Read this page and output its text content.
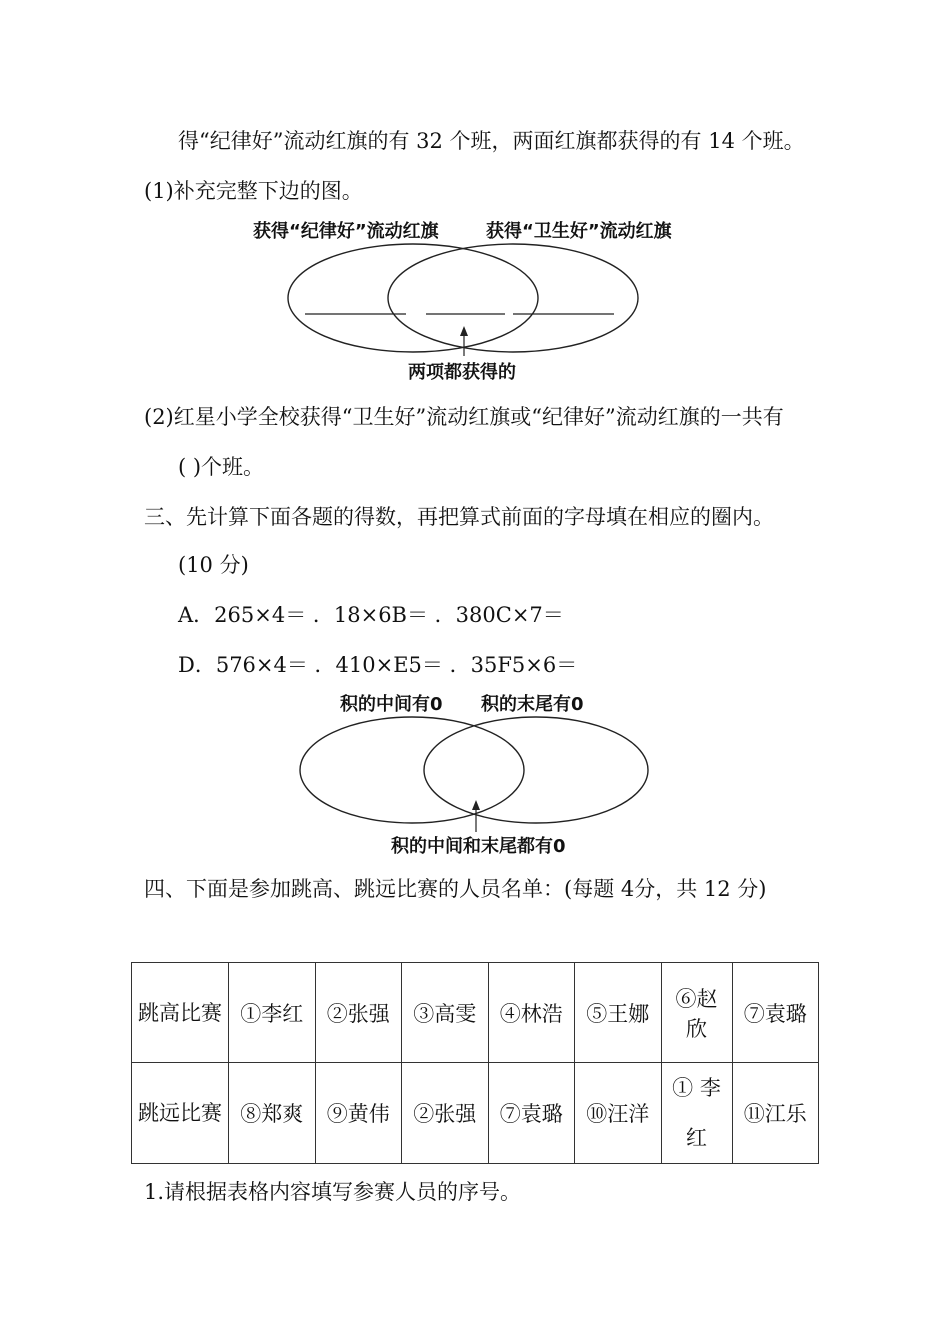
得“纪律好”流动红旗的有 32 个班，两面红旗都获得的有 14 个班。
(1)补充完整下边的图。
获得“纪律好”流动红旗	获得“卫生好”流动红旗
两项都获得的
(2)红星小学全校获得“卫生好”流动红旗或“纪律好”流动红旗的一共有
( )个班。
三、先计算下面各题的得数，再把算式前面的字母填在相应的圈内。
(10 分)
A．265×4＝ ．18×6B＝ ．380C×7＝
D．576×4＝ ．410×E5＝ ．35F5×6＝
积的中间有0 积的末尾有0
积的中间和末尾都有0
四、下面是参加跳高、跳远比赛的人员名单：(每题 4分，共 12 分)
跳高比赛	①李红	②张强	③高雯	④林浩	⑤王娜	⑥赵欣	⑦袁璐
跳远比赛	⑧郑爽	⑨黄伟	②张强	⑦袁璐	⑩汪洋	① 李红	⑪江乐
1.请根据表格内容填写参赛人员的序号。
